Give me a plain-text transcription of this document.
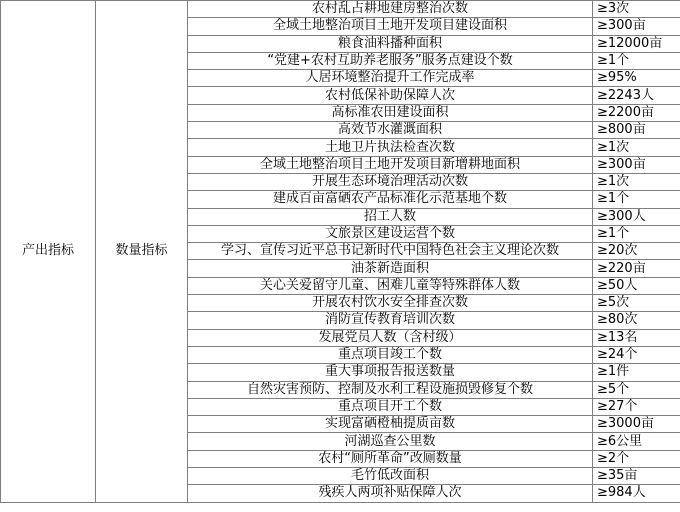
产出指标	数量指标	农村乱占耕地建房整治次数	≥3次
		全域土地整治项目土地开发项目建设面积	≥300亩
		粮食油料播种面积	≥12000亩
		“党建+农村互助养老服务”服务点建设个数	≥1个
		人居环境整治提升工作完成率	≥95%
		农村低保补助保障人次	≥2243人
		高标准农田建设面积	≥2200亩
		高效节水灌溉面积	≥800亩
		土地卫片执法检查次数	≥1次
		全域土地整治项目土地开发项目新增耕地面积	≥300亩
		开展生态环境治理活动次数	≥1次
		建成百亩富硒农产品标准化示范基地个数	≥1个
		招工人数	≥300人
		文旅景区建设运营个数	≥1个
		学习、宣传习近平总书记新时代中国特色社会主义理论次数	≥20次
		油茶新造面积	≥220亩
		关心关爱留守儿童、困难儿童等特殊群体人数	≥50人
		开展农村饮水安全排查次数	≥5次
		消防宣传教育培训次数	≥80次
		发展党员人数（含村级）	≥13名
		重点项目竣工个数	≥24个
		重大事项报告报送数量	≥1件
		自然灾害预防、控制及水利工程设施损毁修复个数	≥5个
		重点项目开工个数	≥27个
		实现富硒橙柚提质亩数	≥3000亩
		河湖巡查公里数	≥6公里
		农村“厕所革命”改厕数量	≥2个
		毛竹低改面积	≥35亩
		残疾人两项补贴保障人次	≥984人
